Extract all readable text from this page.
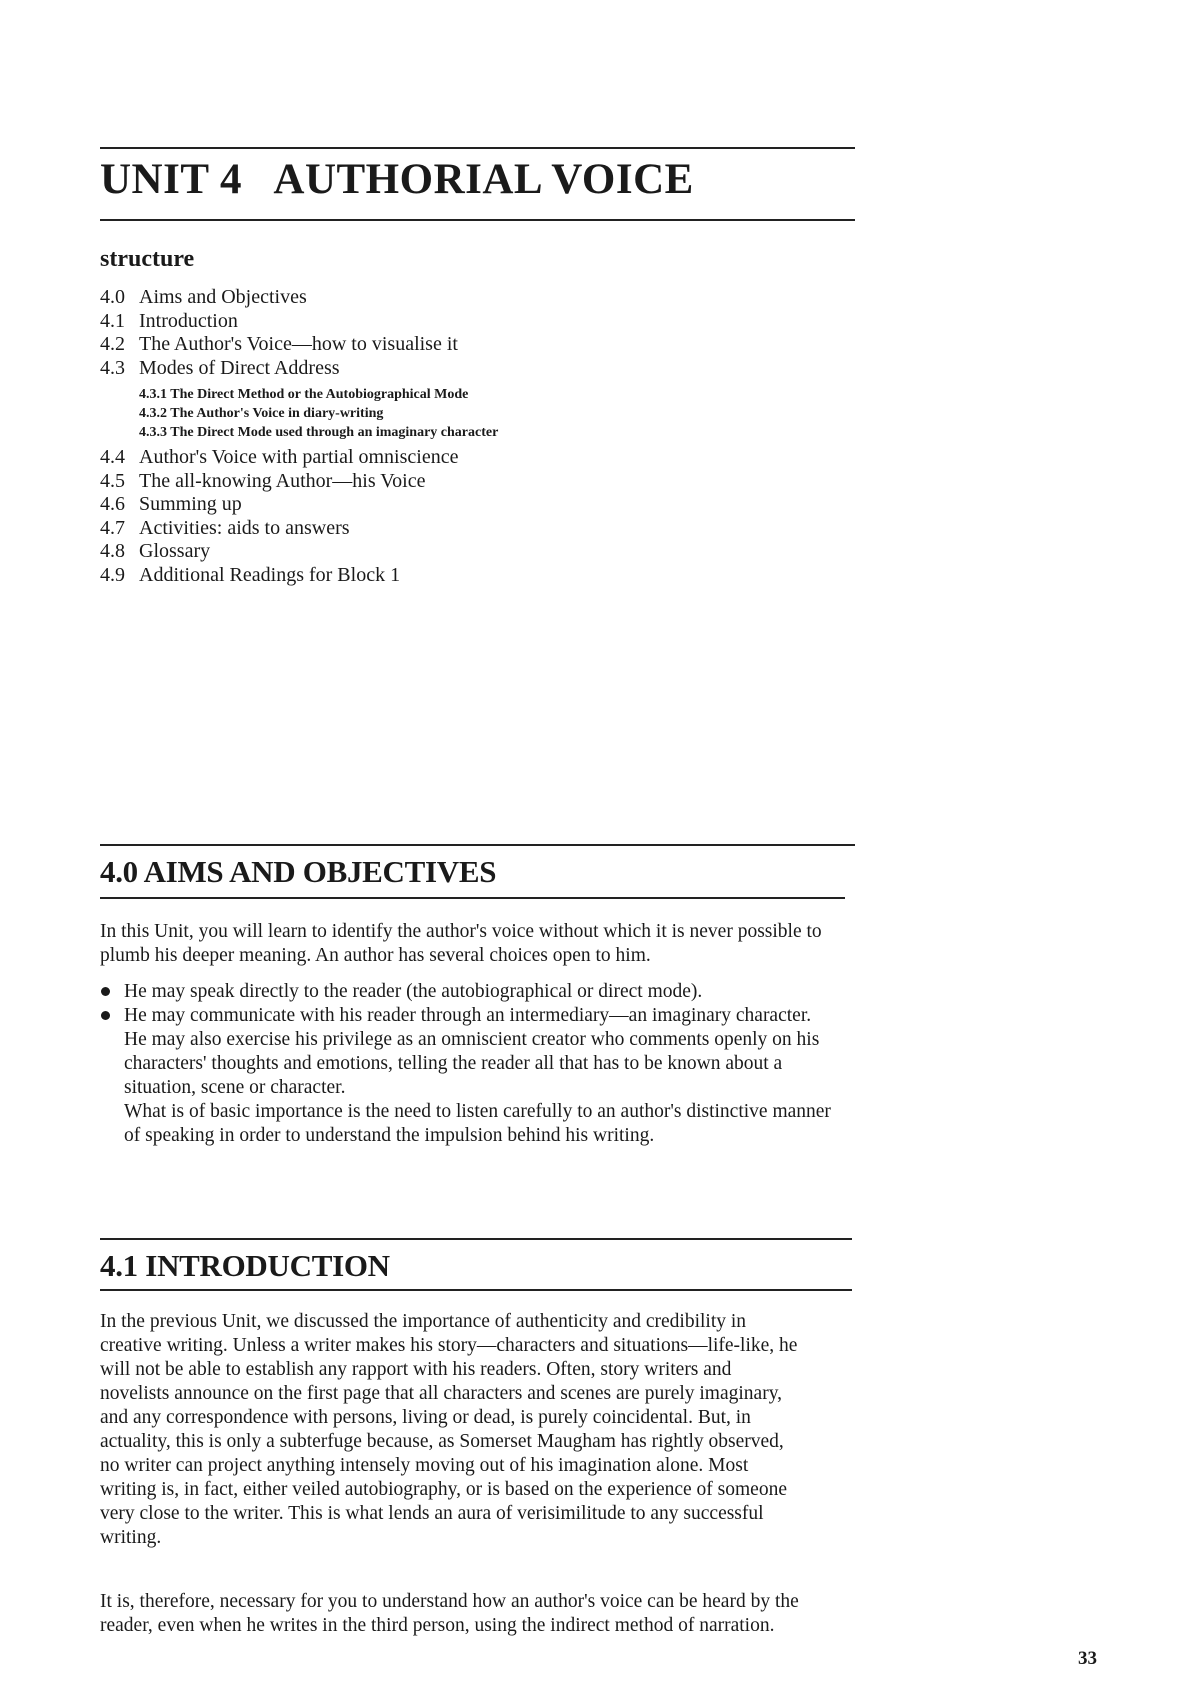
UNIT 4 AUTHORIAL VOICE
structure
4.0 Aims and Objectives
4.1 Introduction
4.2 The Author's Voice—how to visualise it
4.3 Modes of Direct Address
4.3.1 The Direct Method or the Autobiographical Mode
4.3.2 The Author's Voice in diary-writing
4.3.3 The Direct Mode used through an imaginary character
4.4 Author's Voice with partial omniscience
4.5 The all-knowing Author—his Voice
4.6 Summing up
4.7 Activities: aids to answers
4.8 Glossary
4.9 Additional Readings for Block 1
4.0 AIMS AND OBJECTIVES

In this Unit, you will learn to identify the author's voice without which it is never possible to plumb his deeper meaning. An author has several choices open to him.

He may speak directly to the reader (the autobiographical or direct mode).
He may communicate with his reader through an intermediary—an imaginary character.

He may also exercise his privilege as an omniscient creator who comments openly on his characters' thoughts and emotions, telling the reader all that has to be known about a situation, scene or character.

What is of basic importance is the need to listen carefully to an author's distinctive manner of speaking in order to understand the impulsion behind his writing.

4.1 INTRODUCTION

In the previous Unit, we discussed the importance of authenticity and credibility in creative writing. Unless a writer makes his story—characters and situations—life-like, he will not be able to establish any rapport with his readers. Often, story writers and novelists announce on the first page that all characters and scenes are purely imaginary, and any correspondence with persons, living or dead, is purely coincidental. But, in actuality, this is only a subterfuge because, as Somerset Maugham has rightly observed, no writer can project anything intensely moving out of his imagination alone. Most writing is, in fact, either veiled autobiography, or is based on the experience of someone very close to the writer. This is what lends an aura of verisimilitude to any successful writing.

It is, therefore, necessary for you to understand how an author's voice can be heard by the reader, even when he writes in the third person, using the indirect method of narration.

33
